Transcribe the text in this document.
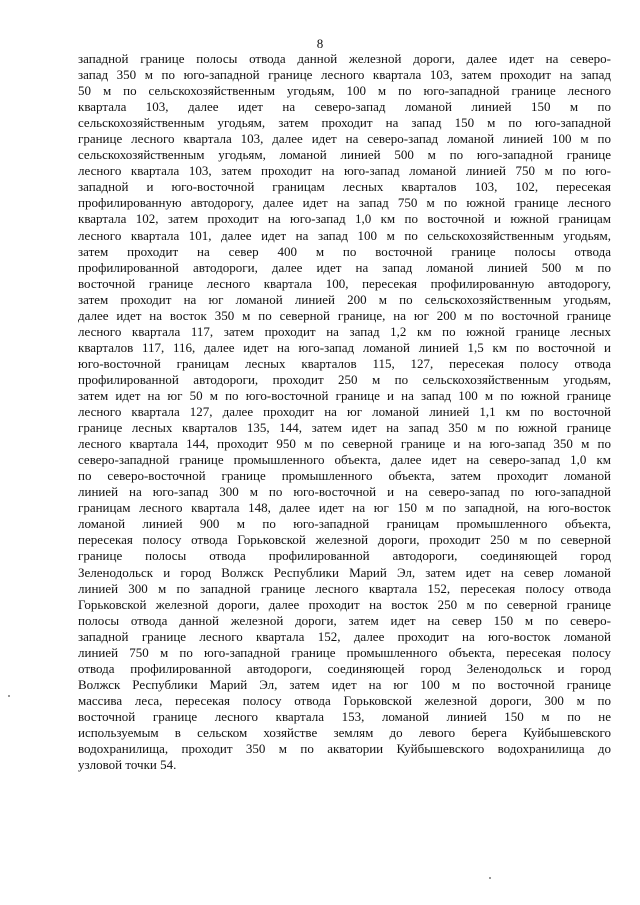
8
западной границе полосы отвода данной железной дороги, далее идет на северо-
запад 350 м по юго-западной границе лесного квартала 103, затем проходит на запад
50 м по сельскохозяйственным угодьям, 100 м по юго-западной границе лесного
квартала 103, далее идет на северо-запад ломаной линией 150 м по
сельскохозяйственным угодьям, затем проходит на запад 150 м по юго-западной
границе лесного квартала 103, далее идет на северо-запад ломаной линией 100 м по
сельскохозяйственным угодьям, ломаной линией 500 м по юго-западной границе
лесного квартала 103, затем проходит на юго-запад ломаной линией 750 м по юго-
западной и юго-восточной границам лесных кварталов 103, 102, пересекая
профилированную автодорогу, далее идет на запад 750 м по южной границе лесного
квартала 102, затем проходит на юго-запад 1,0 км по восточной и южной границам
лесного квартала 101, далее идет на запад 100 м по сельскохозяйственным угодьям,
затем проходит на север 400 м по восточной границе полосы отвода
профилированной автодороги, далее идет на запад ломаной линией 500 м по
восточной границе лесного квартала 100, пересекая профилированную автодорогу,
затем проходит на юг ломаной линией 200 м по сельскохозяйственным угодьям,
далее идет на восток 350 м по северной границе, на юг 200 м по восточной границе
лесного квартала 117, затем проходит на запад 1,2 км по южной границе лесных
кварталов 117, 116, далее идет на юго-запад ломаной линией 1,5 км по восточной и
юго-восточной границам лесных кварталов 115, 127, пересекая полосу отвода
профилированной автодороги, проходит 250 м по сельскохозяйственным угодьям,
затем идет на юг 50 м по юго-восточной границе и на запад 100 м по южной границе
лесного квартала 127, далее проходит на юг ломаной линией 1,1 км по восточной
границе лесных кварталов 135, 144, затем идет на запад 350 м по южной границе
лесного квартала 144, проходит 950 м по северной границе и на юго-запад 350 м по
северо-западной границе промышленного объекта, далее идет на северо-запад 1,0 км
по северо-восточной границе промышленного объекта, затем проходит ломаной
линией на юго-запад 300 м по юго-восточной и на северо-запад по юго-западной
границам лесного квартала 148, далее идет на юг 150 м по западной, на юго-восток
ломаной линией 900 м по юго-западной границам промышленного объекта,
пересекая полосу отвода Горьковской железной дороги, проходит 250 м по северной
границе полосы отвода профилированной автодороги, соединяющей город
Зеленодольск и город Волжск Республики Марий Эл, затем идет на север ломаной
линией 300 м по западной границе лесного квартала 152, пересекая полосу отвода
Горьковской железной дороги, далее проходит на восток 250 м по северной границе
полосы отвода данной железной дороги, затем идет на север 150 м по северо-
западной границе лесного квартала 152, далее проходит на юго-восток ломаной
линией 750 м по юго-западной границе промышленного объекта, пересекая полосу
отвода профилированной автодороги, соединяющей город Зеленодольск и город
Волжск Республики Марий Эл, затем идет на юг 100 м по восточной границе
массива леса, пересекая полосу отвода Горьковской железной дороги, 300 м по
восточной границе лесного квартала 153, ломаной линией 150 м по не
используемым в сельском хозяйстве землям до левого берега Куйбышевского
водохранилища, проходит 350 м по акватории Куйбышевского водохранилища до
узловой точки 54.
